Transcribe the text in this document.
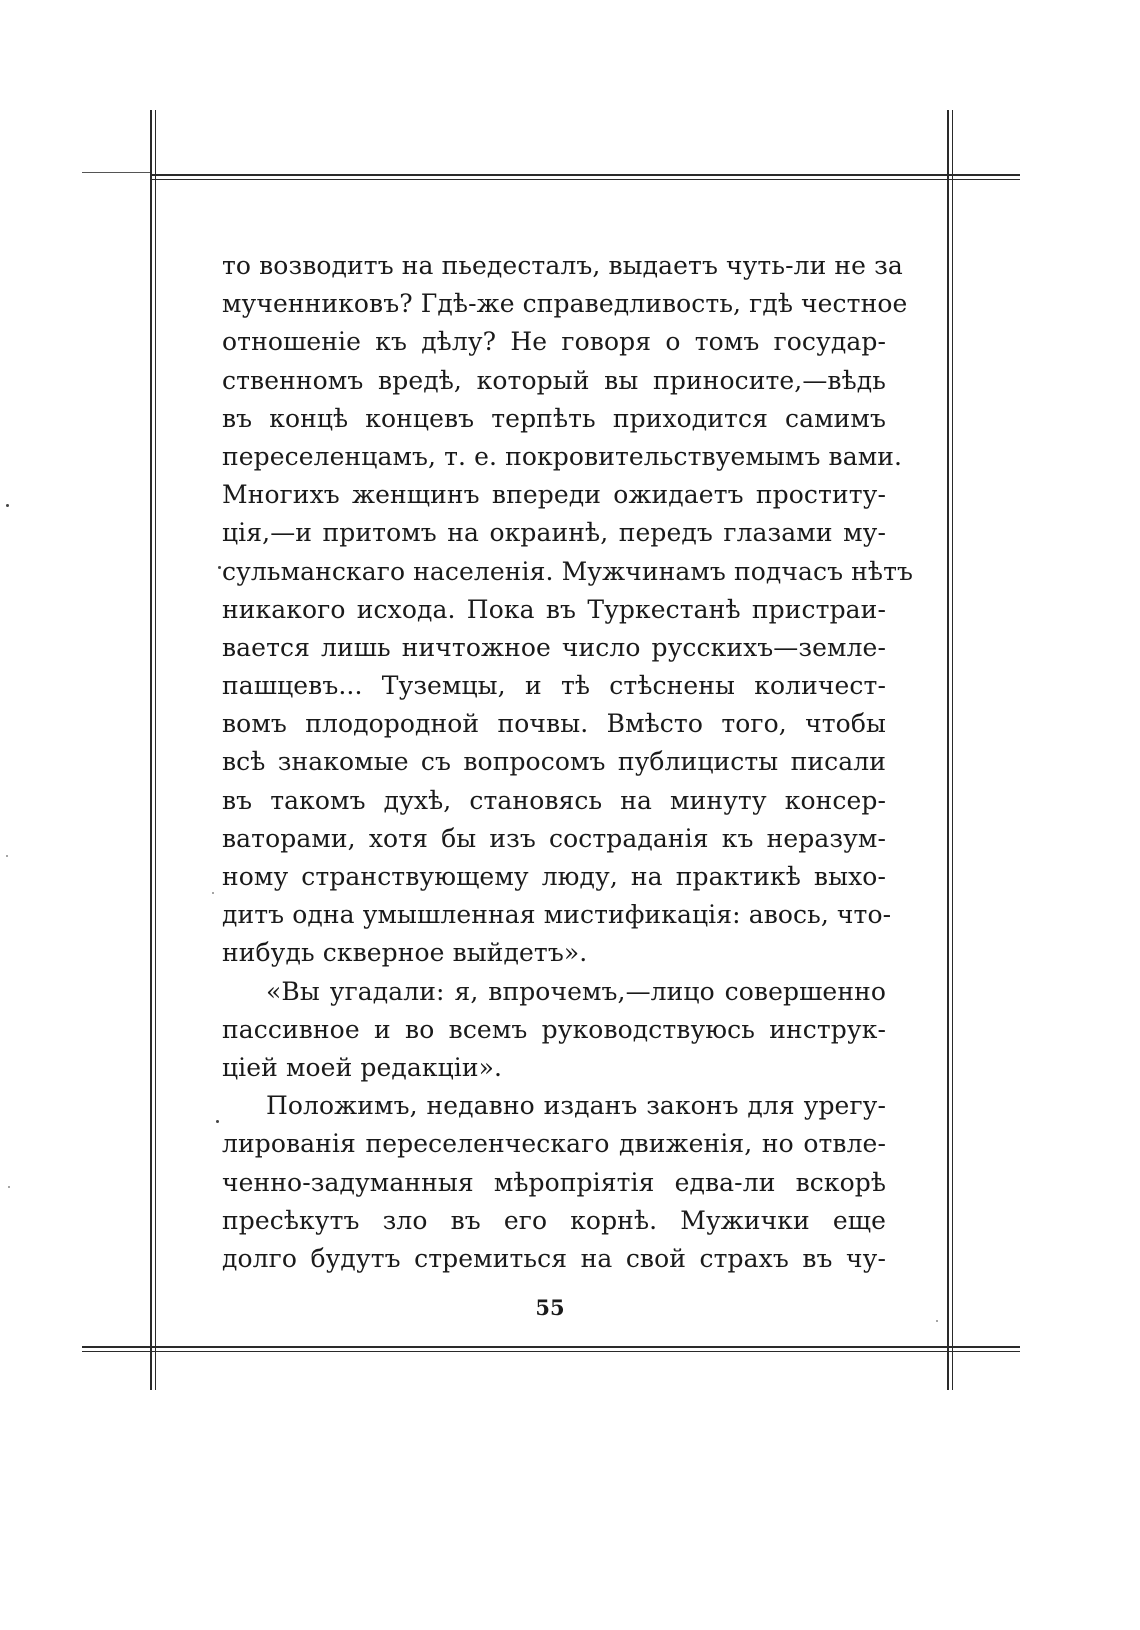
то возводитъ на пьедесталъ, выдаетъ чуть-ли не за
мученниковъ? Гдѣ-же справедливость, гдѣ честное
отношеніе къ дѣлу? Не говоря о томъ государ-
ственномъ вредѣ, который вы приносите,—вѣдь
въ концѣ концевъ терпѣть приходится самимъ
переселенцамъ, т. е. покровительствуемымъ вами.
Многихъ женщинъ впереди ожидаетъ проститу-
ція,—и притомъ на окраинѣ, передъ глазами му-
сульманскаго населенія. Мужчинамъ подчасъ нѣтъ
никакого исхода. Пока въ Туркестанѣ пристраи-
вается лишь ничтожное число русскихъ—земле-
пашцевъ... Туземцы, и тѣ стѣснены количест-
вомъ плодородной почвы. Вмѣсто того, чтобы
всѣ знакомые съ вопросомъ публицисты писали
въ такомъ духѣ, становясь на минуту консер-
ваторами, хотя бы изъ состраданія къ неразум-
ному странствующему люду, на практикѣ выхо-
дитъ одна умышленная мистификація: авось, что-
нибудь скверное выйдетъ».
«Вы угадали: я, впрочемъ,—лицо совершенно
пассивное и во всемъ руководствуюсь инструк-
ціей моей редакціи».
Положимъ, недавно изданъ законъ для урегу-
лированія переселенческаго движенія, но отвле-
ченно-задуманныя мѣропріятія едва-ли вскорѣ
пресѣкутъ зло въ его корнѣ. Мужички еще
долго будутъ стремиться на свой страхъ въ чу-
55
